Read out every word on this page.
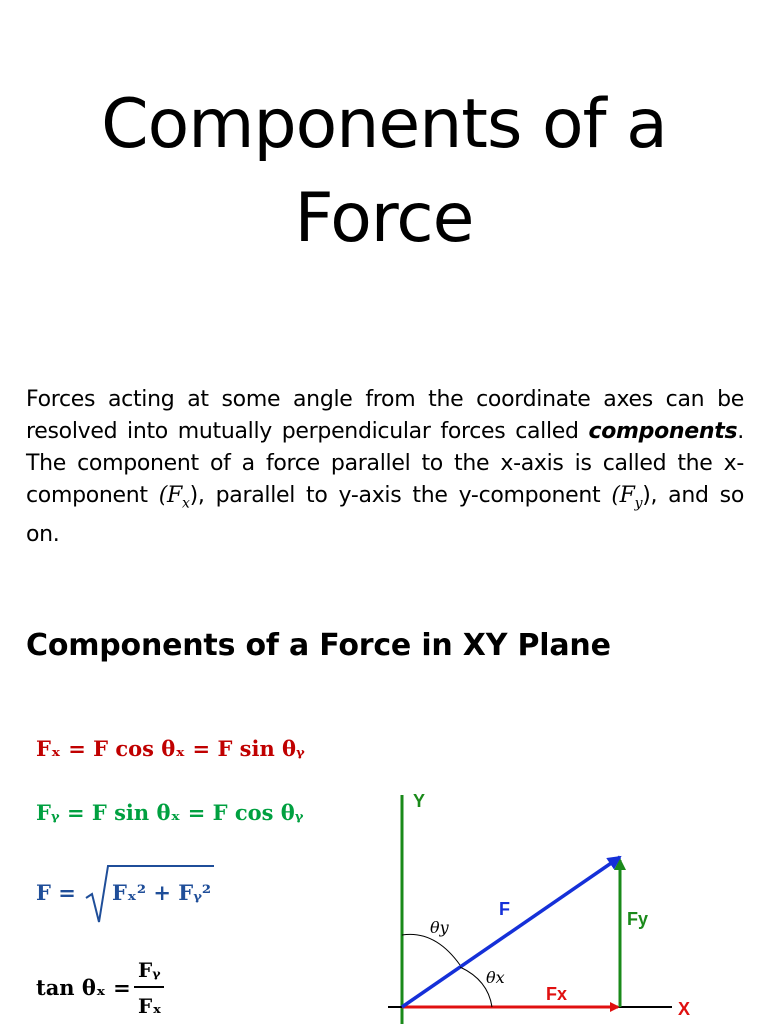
Components of a
Force
Forces acting at some angle from the coordinate axes can be resolved into mutually perpendicular forces called components. The component of a force parallel to the x-axis is called the x-component $(F_x)$, parallel to y-axis the y-component $(F_y)$, and so on.
Components of a Force in XY Plane
Fₓ = F cos θₓ = F sin θᵧ
Fᵧ = F sin θₓ = F cos θᵧ
F = Fₓ² + Fᵧ²
tan θₓ =
Fᵧ
Fₓ
Y
X
F
Fx
Fy
θy
θx
